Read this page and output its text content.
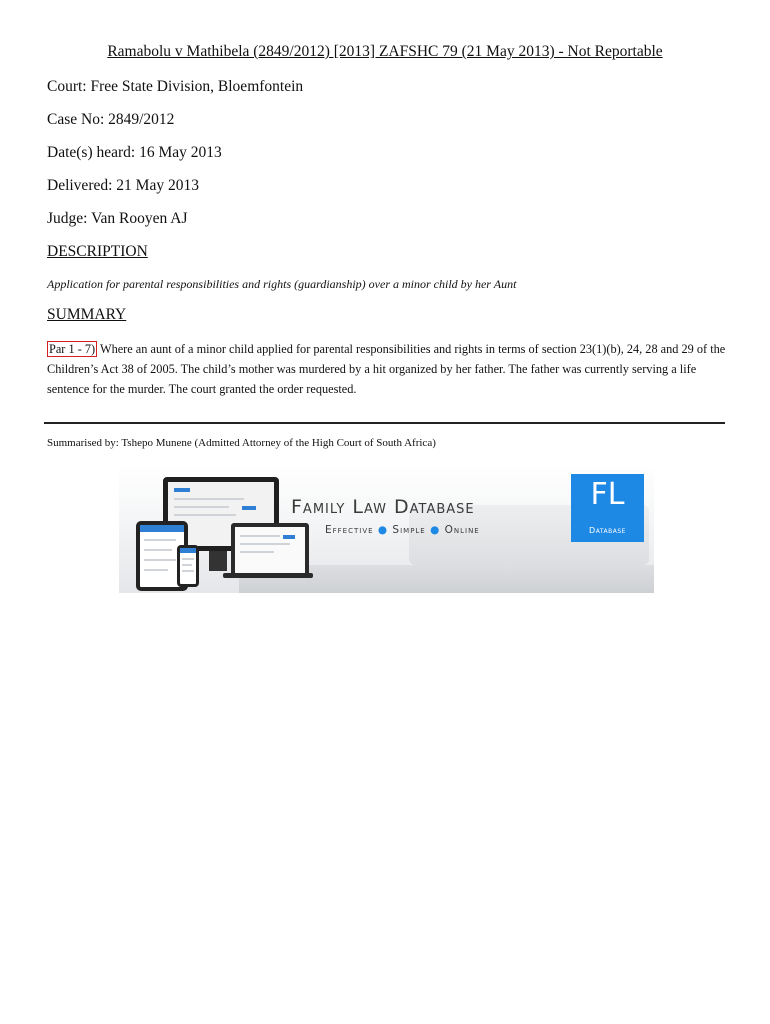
Ramabolu v Mathibela (2849/2012) [2013] ZAFSHC 79 (21 May 2013) - Not Reportable
Court: Free State Division, Bloemfontein
Case No: 2849/2012
Date(s) heard: 16 May 2013
Delivered: 21 May 2013
Judge: Van Rooyen AJ
DESCRIPTION
Application for parental responsibilities and rights (guardianship) over a minor child by her Aunt
SUMMARY
Par 1 - 7) Where an aunt of a minor child applied for parental responsibilities and rights in terms of section 23(1)(b), 24, 28 and 29 of the Children’s Act 38 of 2005. The child’s mother was murdered by a hit organized by her father. The father was currently serving a life sentence for the murder. The court granted the order requested.
Summarised by: Tshepo Munene (Admitted Attorney of the High Court of South Africa)
Family Law Database
Effective ● Simple ● Online
FL
Database
